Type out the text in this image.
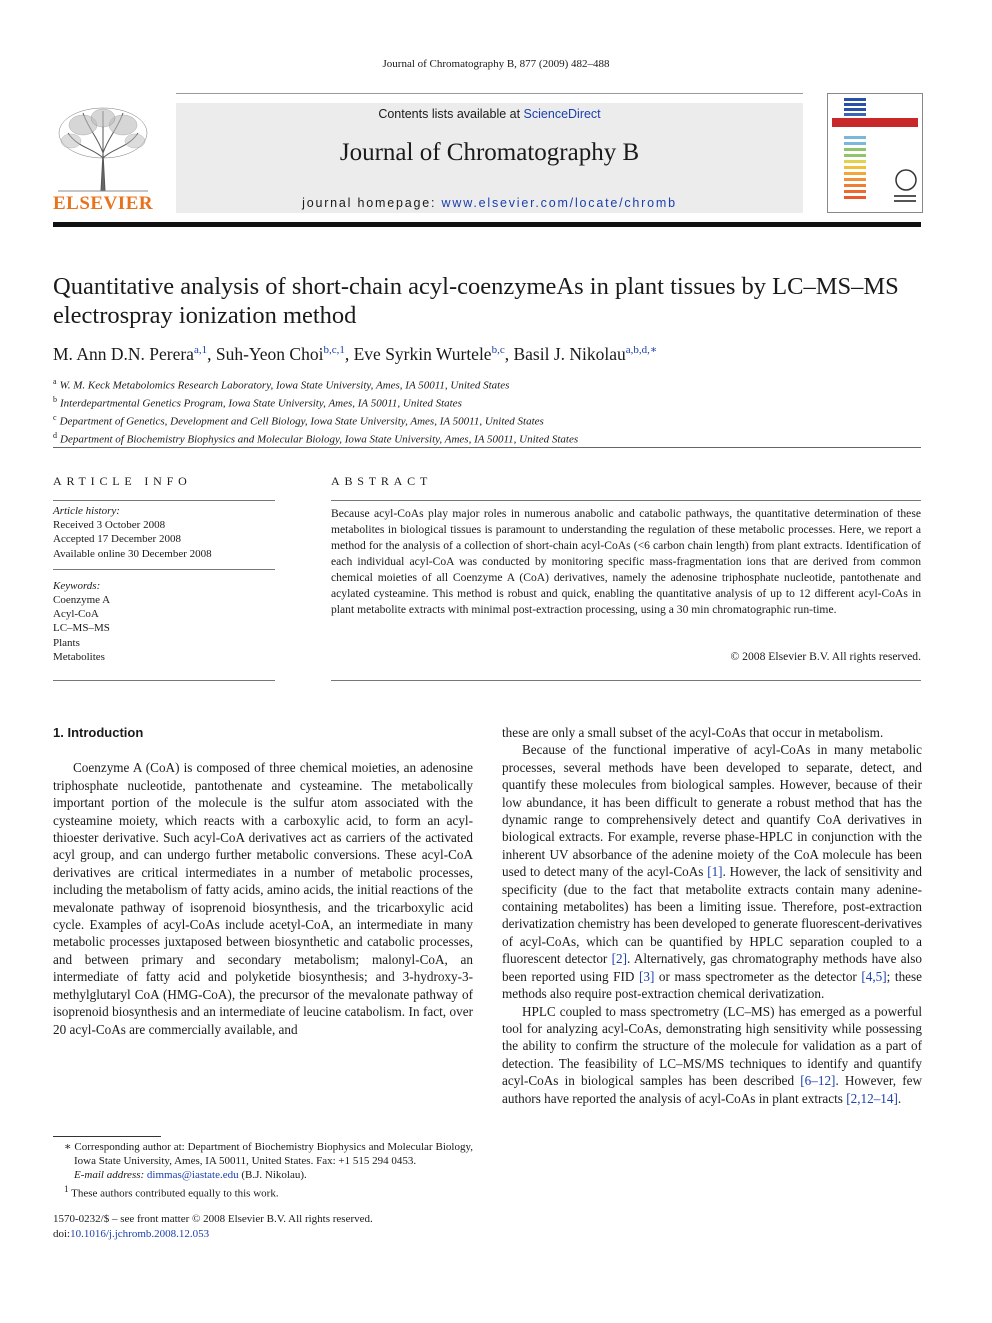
Journal of Chromatography B, 877 (2009) 482–488
ELSEVIER
Contents lists available at ScienceDirect
Journal of Chromatography B
journal homepage: www.elsevier.com/locate/chromb
Quantitative analysis of short-chain acyl-coenzymeAs in plant tissues by LC–MS–MS electrospray ionization method
M. Ann D.N. Perera$^{a,1}$, Suh-Yeon Choi$^{b,c,1}$, Eve Syrkin Wurtele$^{b,c}$, Basil J. Nikolau$^{a,b,d,∗}$
$^a$ W. M. Keck Metabolomics Research Laboratory, Iowa State University, Ames, IA 50011, United States
$^b$ Interdepartmental Genetics Program, Iowa State University, Ames, IA 50011, United States
$^c$ Department of Genetics, Development and Cell Biology, Iowa State University, Ames, IA 50011, United States
$^d$ Department of Biochemistry Biophysics and Molecular Biology, Iowa State University, Ames, IA 50011, United States
ARTICLE INFO
Article history:
Received 3 October 2008
Accepted 17 December 2008
Available online 30 December 2008
Keywords:
Coenzyme A
Acyl-CoA
LC–MS–MS
Plants
Metabolites
ABSTRACT
Because acyl-CoAs play major roles in numerous anabolic and catabolic pathways, the quantitative determination of these metabolites in biological tissues is paramount to understanding the regulation of these metabolic processes. Here, we report a method for the analysis of a collection of short-chain acyl-CoAs (<6 carbon chain length) from plant extracts. Identification of each individual acyl-CoA was conducted by monitoring specific mass-fragmentation ions that are derived from common chemical moieties of all Coenzyme A (CoA) derivatives, namely the adenosine triphosphate nucleotide, pantothenate and acylated cysteamine. This method is robust and quick, enabling the quantitative analysis of up to 12 different acyl-CoAs in plant metabolite extracts with minimal post-extraction processing, using a 30 min chromatographic run-time.
© 2008 Elsevier B.V. All rights reserved.
1. Introduction

Coenzyme A (CoA) is composed of three chemical moieties, an adenosine triphosphate nucleotide, pantothenate and cysteamine. The metabolically important portion of the molecule is the sulfur atom associated with the cysteamine moiety, which reacts with a carboxylic acid, to form an acyl-thioester derivative. Such acyl-CoA derivatives act as carriers of the activated acyl group, and can undergo further metabolic conversions. These acyl-CoA derivatives are critical intermediates in a number of metabolic processes, including the metabolism of fatty acids, amino acids, the initial reactions of the mevalonate pathway of isoprenoid biosynthesis, and the tricarboxylic acid cycle. Examples of acyl-CoAs include acetyl-CoA, an intermediate in many metabolic processes juxtaposed between biosynthetic and catabolic processes, and between primary and secondary metabolism; malonyl-CoA, an intermediate of fatty acid and polyketide biosynthesis; and 3-hydroxy-3-methylglutaryl CoA (HMG-CoA), the precursor of the mevalonate pathway of isoprenoid biosynthesis and an intermediate of leucine catabolism. In fact, over 20 acyl-CoAs are commercially available, and

these are only a small subset of the acyl-CoAs that occur in metabolism.

Because of the functional imperative of acyl-CoAs in many metabolic processes, several methods have been developed to separate, detect, and quantify these molecules from biological samples. However, because of their low abundance, it has been difficult to generate a robust method that has the dynamic range to comprehensively detect and quantify CoA derivatives in biological extracts. For example, reverse phase-HPLC in conjunction with the inherent UV absorbance of the adenine moiety of the CoA molecule has been used to detect many of the acyl-CoAs [1]. However, the lack of sensitivity and specificity (due to the fact that metabolite extracts contain many adenine-containing metabolites) has been a limiting issue. Therefore, post-extraction derivatization chemistry has been developed to generate fluorescent-derivatives of acyl-CoAs, which can be quantified by HPLC separation coupled to a fluorescent detector [2]. Alternatively, gas chromatography methods have also been reported using FID [3] or mass spectrometer as the detector [4,5]; these methods also require post-extraction chemical derivatization.

HPLC coupled to mass spectrometry (LC–MS) has emerged as a powerful tool for analyzing acyl-CoAs, demonstrating high sensitivity while possessing the ability to confirm the structure of the molecule for validation as a part of detection. The feasibility of LC–MS/MS techniques to identify and quantify acyl-CoAs in biological samples has been described [6–12]. However, few authors have reported the analysis of acyl-CoAs in plant extracts [2,12–14].

∗ Corresponding author at: Department of Biochemistry Biophysics and Molecular Biology, Iowa State University, Ames, IA 50011, United States. Fax: +1 515 294 0453.

E-mail address: dimmas@iastate.edu (B.J. Nikolau).

$^1$ These authors contributed equally to this work.

1570-0232/$ – see front matter © 2008 Elsevier B.V. All rights reserved.
doi:10.1016/j.jchromb.2008.12.053
